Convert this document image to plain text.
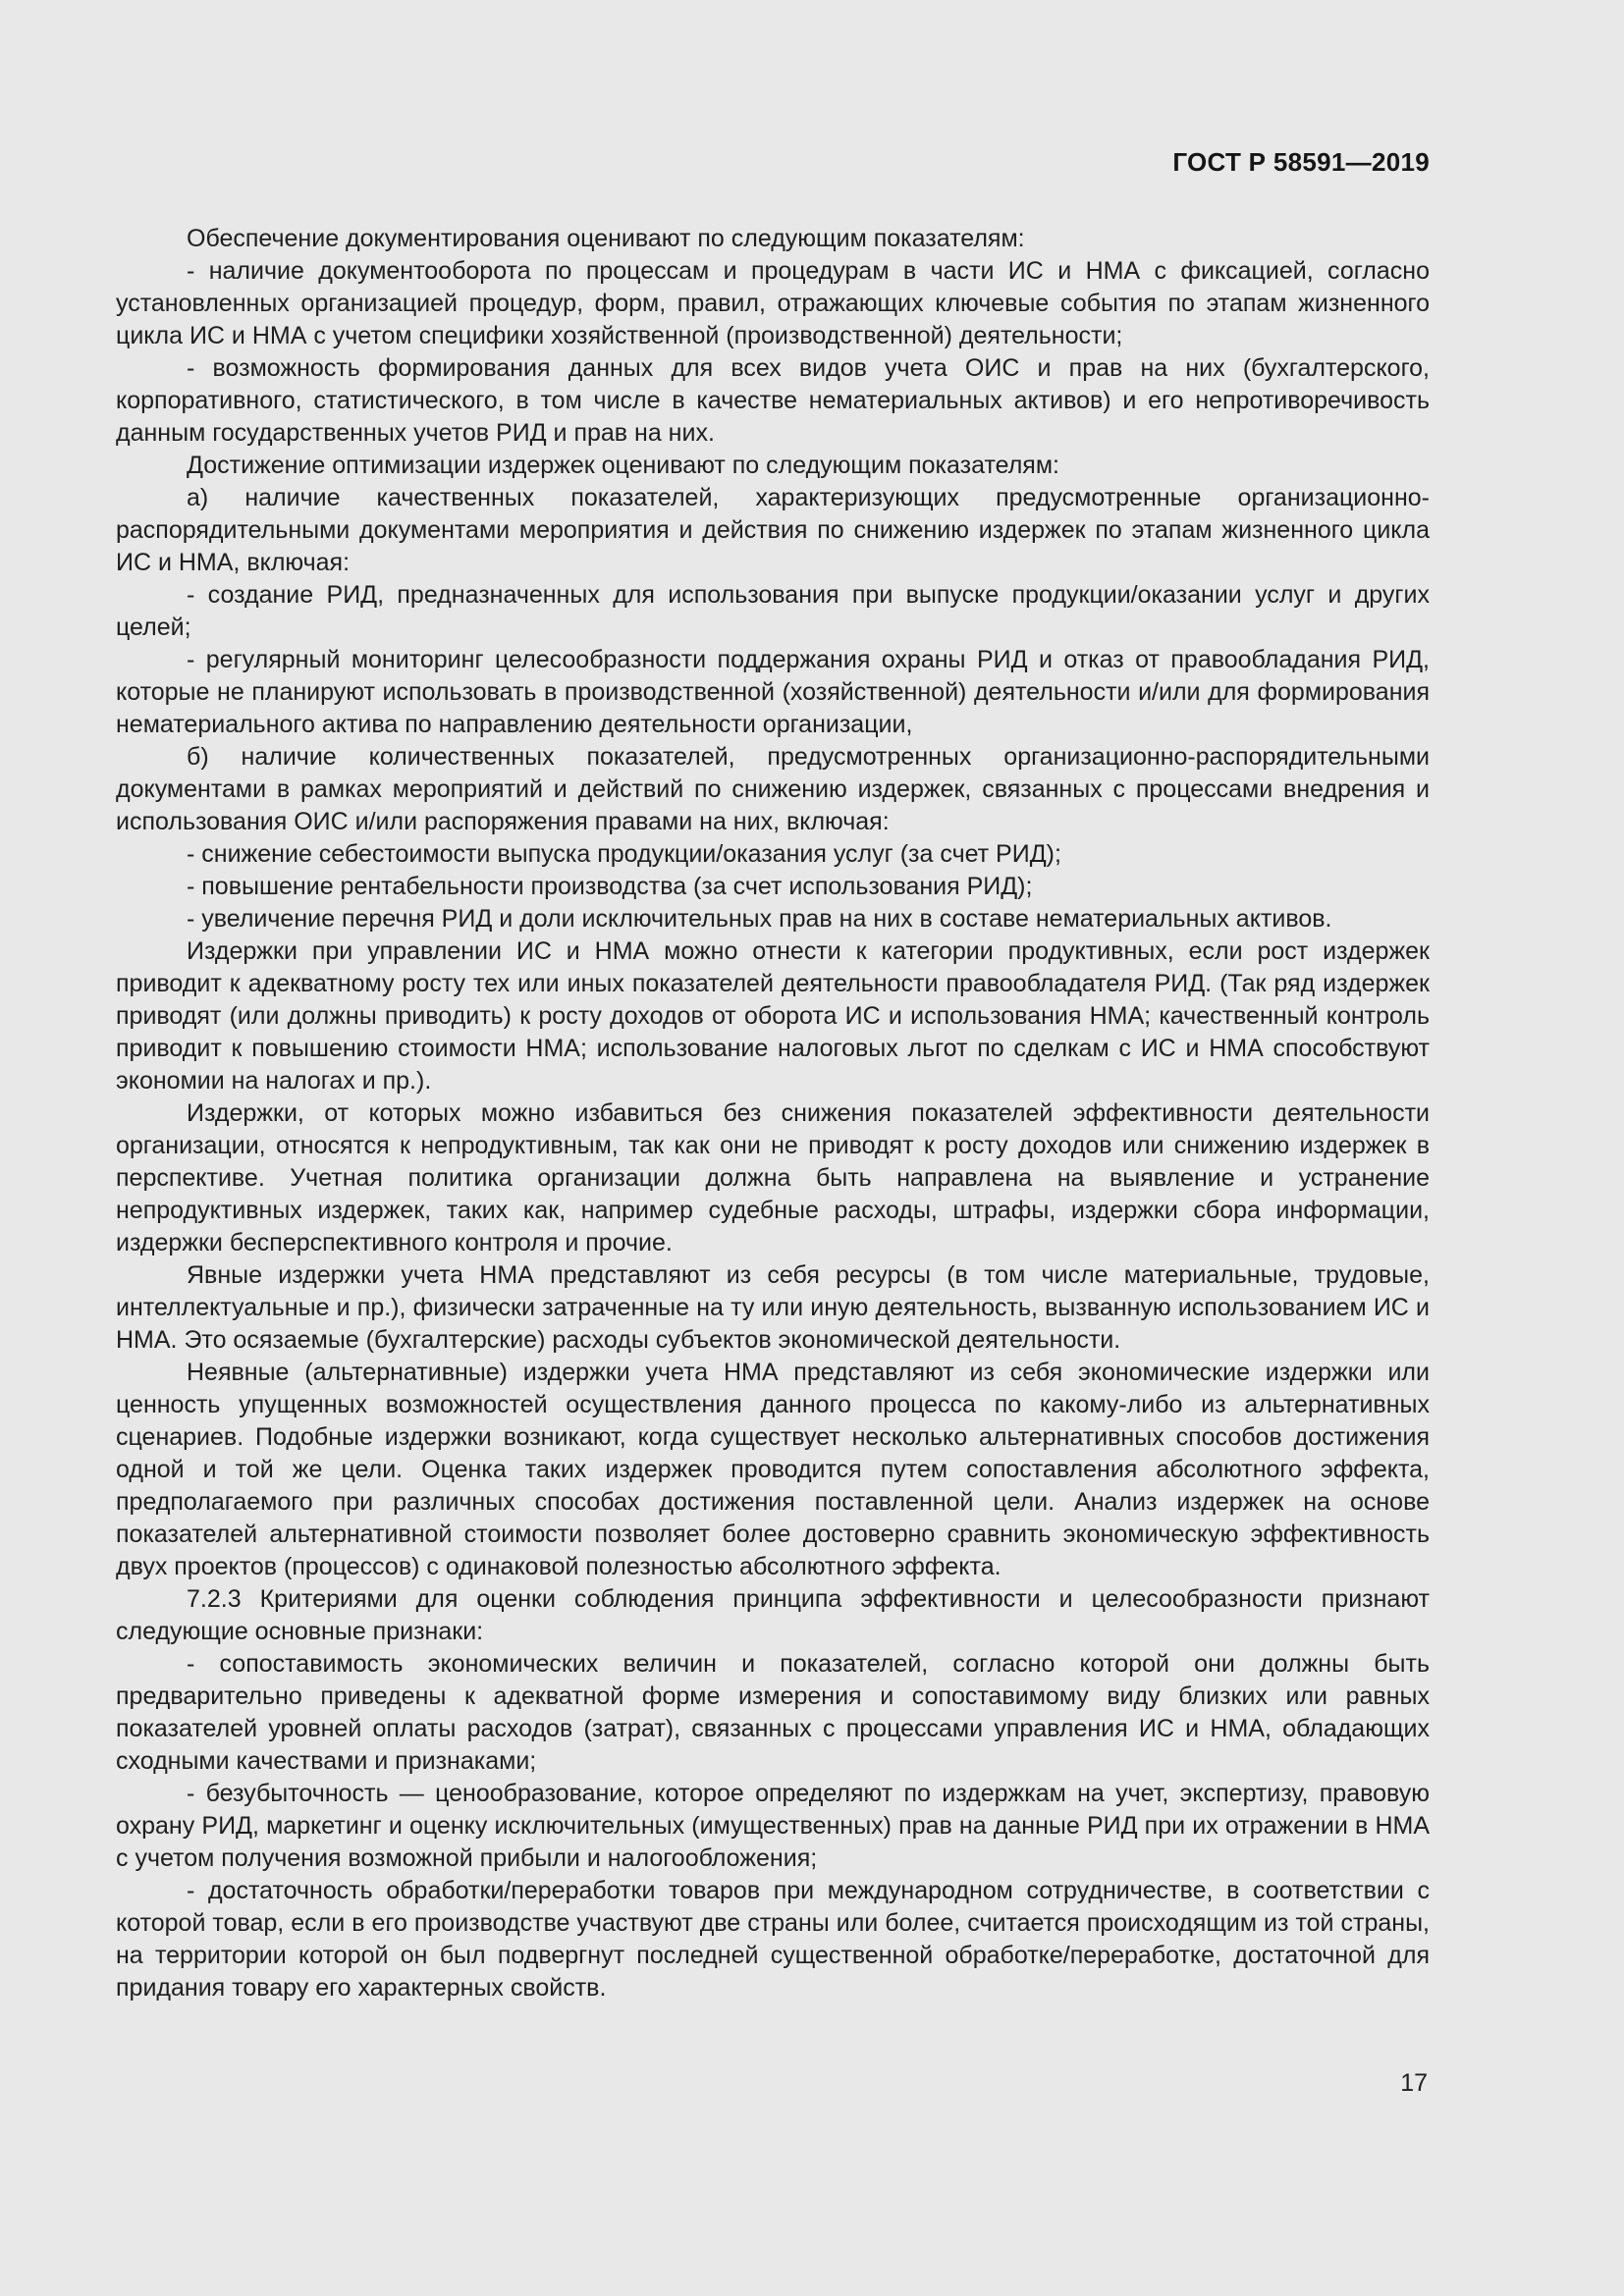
ГОСТ Р 58591—2019

Обеспечение документирования оценивают по следующим показателям:

- наличие документооборота по процессам и процедурам в части ИС и НМА с фиксацией, согласно установленных организацией процедур, форм, правил, отражающих ключевые события по этапам жизненного цикла ИС и НМА с учетом специфики хозяйственной (производственной) деятельности;

- возможность формирования данных для всех видов учета ОИС и прав на них (бухгалтерского, корпоративного, статистического, в том числе в качестве нематериальных активов) и его непротиворечивость данным государственных учетов РИД и прав на них.

Достижение оптимизации издержек оценивают по следующим показателям:

а) наличие качественных показателей, характеризующих предусмотренные организационно-распорядительными документами мероприятия и действия по снижению издержек по этапам жизненного цикла ИС и НМА, включая:

- создание РИД, предназначенных для использования при выпуске продукции/оказании услуг и других целей;

- регулярный мониторинг целесообразности поддержания охраны РИД и отказ от правообладания РИД, которые не планируют использовать в производственной (хозяйственной) деятельности и/или для формирования нематериального актива по направлению деятельности организации,

б) наличие количественных показателей, предусмотренных организационно-распорядительными документами в рамках мероприятий и действий по снижению издержек, связанных с процессами внедрения и использования ОИС и/или распоряжения правами на них, включая:

- снижение себестоимости выпуска продукции/оказания услуг (за счет РИД);

- повышение рентабельности производства (за счет использования РИД);

- увеличение перечня РИД и доли исключительных прав на них в составе нематериальных активов.

Издержки при управлении ИС и НМА можно отнести к категории продуктивных, если рост издержек приводит к адекватному росту тех или иных показателей деятельности правообладателя РИД. (Так ряд издержек приводят (или должны приводить) к росту доходов от оборота ИС и использования НМА; качественный контроль приводит к повышению стоимости НМА; использование налоговых льгот по сделкам с ИС и НМА способствуют экономии на налогах и пр.).

Издержки, от которых можно избавиться без снижения показателей эффективности деятельности организации, относятся к непродуктивным, так как они не приводят к росту доходов или снижению издержек в перспективе. Учетная политика организации должна быть направлена на выявление и устранение непродуктивных издержек, таких как, например судебные расходы, штрафы, издержки сбора информации, издержки бесперспективного контроля и прочие.

Явные издержки учета НМА представляют из себя ресурсы (в том числе материальные, трудовые, интеллектуальные и пр.), физически затраченные на ту или иную деятельность, вызванную использованием ИС и НМА. Это осязаемые (бухгалтерские) расходы субъектов экономической деятельности.

Неявные (альтернативные) издержки учета НМА представляют из себя экономические издержки или ценность упущенных возможностей осуществления данного процесса по какому-либо из альтернативных сценариев. Подобные издержки возникают, когда существует несколько альтернативных способов достижения одной и той же цели. Оценка таких издержек проводится путем сопоставления абсолютного эффекта, предполагаемого при различных способах достижения поставленной цели. Анализ издержек на основе показателей альтернативной стоимости позволяет более достоверно сравнить экономическую эффективность двух проектов (процессов) с одинаковой полезностью абсолютного эффекта.

7.2.3 Критериями для оценки соблюдения принципа эффективности и целесообразности признают следующие основные признаки:

- сопоставимость экономических величин и показателей, согласно которой они должны быть предварительно приведены к адекватной форме измерения и сопоставимому виду близких или равных показателей уровней оплаты расходов (затрат), связанных с процессами управления ИС и НМА, обладающих сходными качествами и признаками;

- безубыточность — ценообразование, которое определяют по издержкам на учет, экспертизу, правовую охрану РИД, маркетинг и оценку исключительных (имущественных) прав на данные РИД при их отражении в НМА с учетом получения возможной прибыли и налогообложения;

- достаточность обработки/переработки товаров при международном сотрудничестве, в соответствии с которой товар, если в его производстве участвуют две страны или более, считается происходящим из той страны, на территории которой он был подвергнут последней существенной обработке/переработке, достаточной для придания товару его характерных свойств.

17
